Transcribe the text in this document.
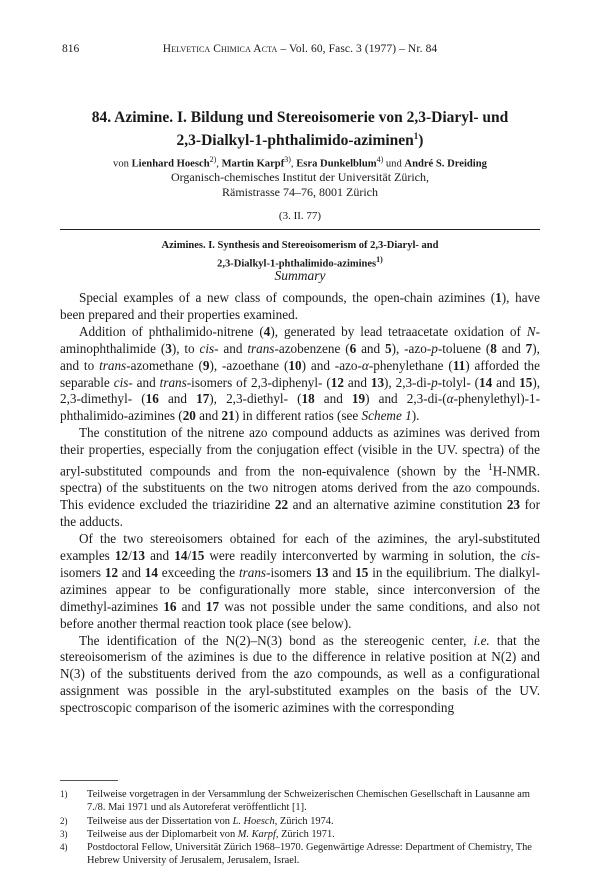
816	Helvetica Chimica Acta – Vol. 60, Fasc. 3 (1977) – Nr. 84
84. Azimine. I. Bildung und Stereoisomerie von 2,3-Diaryl- und
2,3-Dialkyl-1-phthalimido-aziminen$^1$)
von Lienhard Hoesch$^{2)}$, Martin Karpf$^{3)}$, Esra Dunkelblum$^{4)}$ und André S. Dreiding
Organisch-chemisches Institut der Universität Zürich,
Rämistrasse 74–76, 8001 Zürich
(3. II. 77)
Azimines. I. Synthesis and Stereoisomerism of 2,3-Diaryl- and
2,3-Dialkyl-1-phthalimido-azimines$^{1)}$
Summary

Special examples of a new class of compounds, the open-chain azimines (1), have been prepared and their properties examined.

Addition of phthalimido-nitrene (4), generated by lead tetraacetate oxidation of N-aminophthalimide (3), to cis- and trans-azobenzene (6 and 5), -azo-p-toluene (8 and 7), and to trans-azomethane (9), -azoethane (10) and -azo-α-phenylethane (11) afforded the separable cis- and trans-isomers of 2,3-diphenyl- (12 and 13), 2,3-di-p-tolyl- (14 and 15), 2,3-dimethyl- (16 and 17), 2,3-diethyl- (18 and 19) and 2,3-di-(α-phenylethyl)-1-phthalimido-azimines (20 and 21) in different ratios (see Scheme 1).

The constitution of the nitrene azo compound adducts as azimines was derived from their properties, especially from the conjugation effect (visible in the UV. spectra) of the aryl-substituted compounds and from the non-equivalence (shown by the $^1$H-NMR. spectra) of the substituents on the two nitrogen atoms derived from the azo compounds. This evidence excluded the triaziridine 22 and an alternative azimine constitution 23 for the adducts.

Of the two stereoisomers obtained for each of the azimines, the aryl-substituted examples 12/13 and 14/15 were readily interconverted by warming in solution, the cis-isomers 12 and 14 exceeding the trans-isomers 13 and 15 in the equilibrium. The dialkyl-azimines appear to be configurationally more stable, since interconversion of the dimethyl-azimines 16 and 17 was not possible under the same conditions, and also not before another thermal reaction took place (see below).

The identification of the N(2)–N(3) bond as the stereogenic center, i.e. that the stereoisomerism of the azimines is due to the difference in relative position at N(2) and N(3) of the substituents derived from the azo compounds, as well as a configurational assignment was possible in the aryl-substituted examples on the basis of the UV. spectroscopic comparison of the isomeric azimines with the corresponding

1) Teilweise vorgetragen in der Versammlung der Schweizerischen Chemischen Gesellschaft in Lausanne am 7./8. Mai 1971 und als Autoreferat veröffentlicht [1].
2) Teilweise aus der Dissertation von L. Hoesch, Zürich 1974.
3) Teilweise aus der Diplomarbeit von M. Karpf, Zürich 1971.
4) Postdoctoral Fellow, Universität Zürich 1968–1970. Gegenwärtige Adresse: Department of Chemistry, The Hebrew University of Jerusalem, Jerusalem, Israel.
